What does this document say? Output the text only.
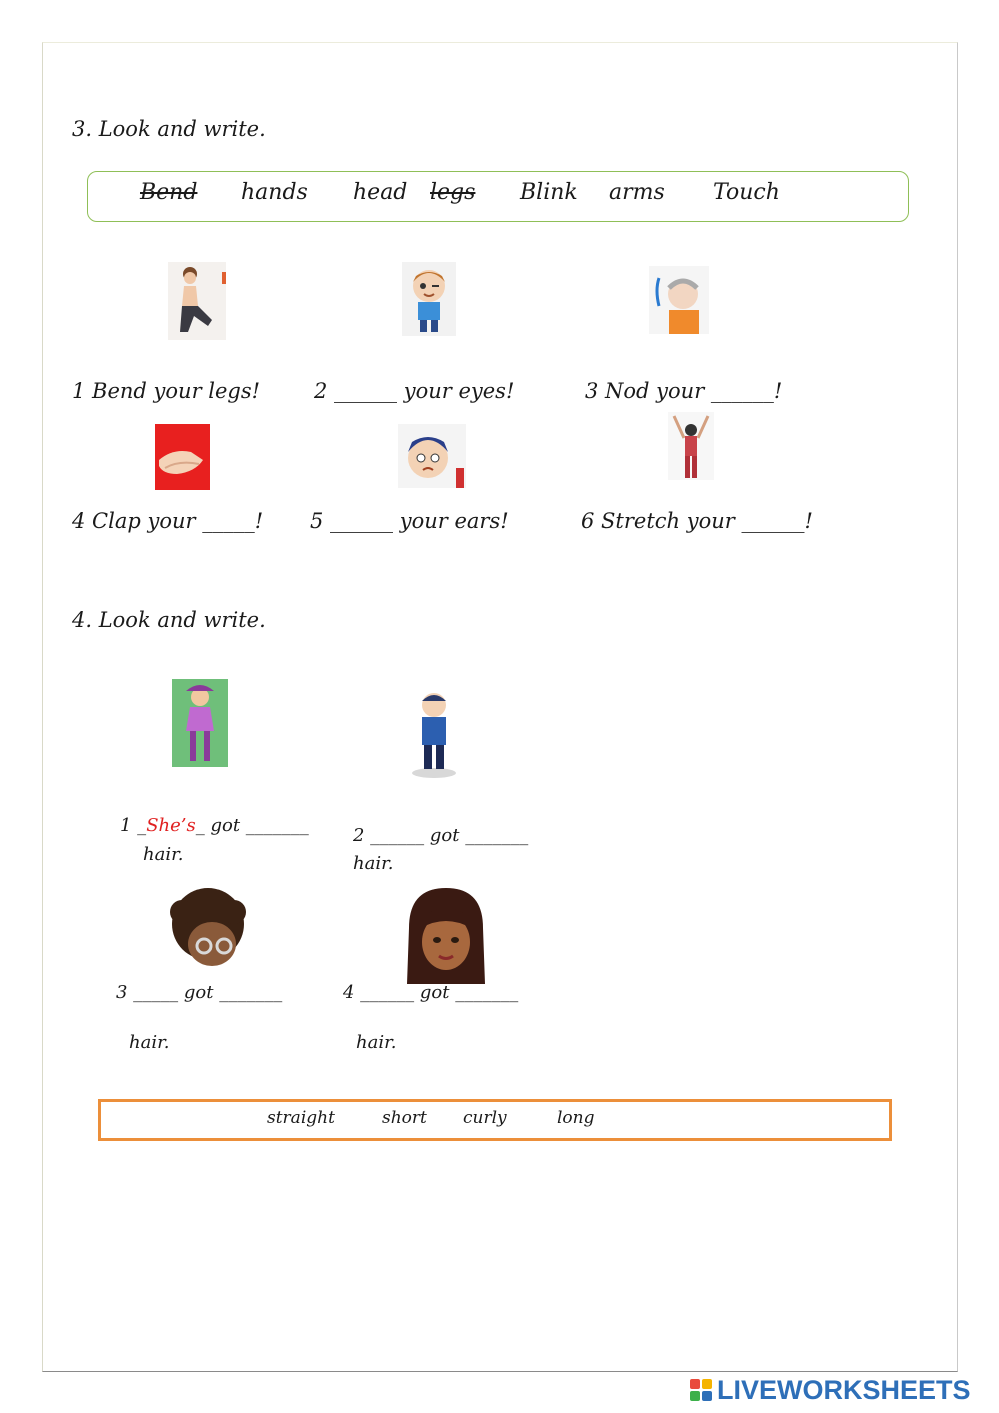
3. Look and write.
Bend hands head legs Blink arms Touch
1 Bend your legs!	2 ______ your eyes!	3 Nod your ______!
4 Clap your _____! 5 ______ your ears!	6 Stretch your ______!
4. Look and write.
1 _She’s_ got _______
hair.
2 ______ got _______
hair.
3 _____ got _______	4 ______ got _______
hair.	hair.
straight	short curly	long
LIVEWORKSHEETS
